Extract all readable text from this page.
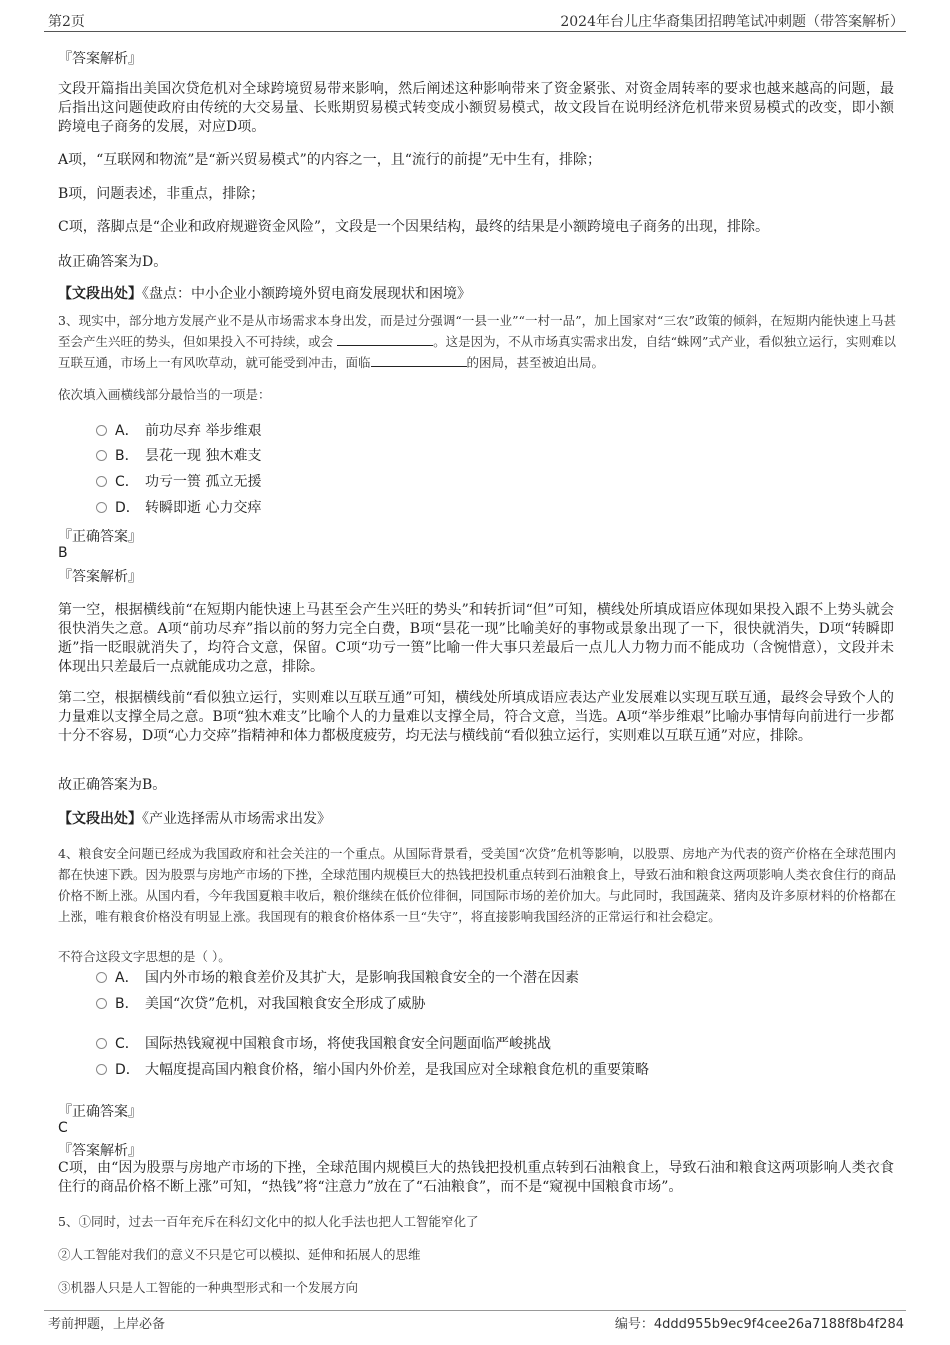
第2页	2024年台儿庄华裔集团招聘笔试冲刺题（带答案解析）
『答案解析』
文段开篇指出美国次贷危机对全球跨境贸易带来影响，然后阐述这种影响带来了资金紧张、对资金周转率的要求也越来越高的问题，最后指出这问题使政府由传统的大交易量、长账期贸易模式转变成小额贸易模式，故文段旨在说明经济危机带来贸易模式的改变，即小额跨境电子商务的发展，对应D项。
A项，“互联网和物流”是“新兴贸易模式”的内容之一，且“流行的前提”无中生有，排除；
B项，问题表述，非重点，排除；
C项，落脚点是“企业和政府规避资金风险”，文段是一个因果结构，最终的结果是小额跨境电子商务的出现，排除。
故正确答案为D。
【文段出处】《盘点：中小企业小额跨境外贸电商发展现状和困境》
3、现实中，部分地方发展产业不是从市场需求本身出发，而是过分强调“一县一业”“一村一品”，加上国家对“三农”政策的倾斜，在短期内能快速上马甚至会产生兴旺的势头，但如果投入不可持续，或会	。这是因为，不从市场真实需求出发，自结“蛛网”式产业，看似独立运行，实则难以互联互通，市场上一有风吹草动，就可能受到冲击，面临	的困局，甚至被迫出局。
依次填入画横线部分最恰当的一项是：
A． 前功尽弃 举步维艰
B． 昙花一现 独木难支
C． 功亏一篑 孤立无援
D． 转瞬即逝 心力交瘁
『正确答案』
B
『答案解析』
第一空，根据横线前“在短期内能快速上马甚至会产生兴旺的势头”和转折词“但”可知，横线处所填成语应体现如果投入跟不上势头就会很快消失之意。A项“前功尽弃”指以前的努力完全白费，B项“昙花一现”比喻美好的事物或景象出现了一下，很快就消失，D项“转瞬即逝”指一眨眼就消失了，均符合文意，保留。C项“功亏一篑”比喻一件大事只差最后一点儿人力物力而不能成功（含惋惜意），文段并未体现出只差最后一点就能成功之意，排除。
第二空，根据横线前“看似独立运行，实则难以互联互通”可知，横线处所填成语应表达产业发展难以实现互联互通，最终会导致个人的力量难以支撑全局之意。B项“独木难支”比喻个人的力量难以支撑全局，符合文意，当选。A项“举步维艰”比喻办事情每向前进行一步都十分不容易，D项“心力交瘁”指精神和体力都极度疲劳，均无法与横线前“看似独立运行，实则难以互联互通”对应，排除。
故正确答案为B。
【文段出处】《产业选择需从市场需求出发》
4、粮食安全问题已经成为我国政府和社会关注的一个重点。从国际背景看，受美国“次贷”危机等影响，以股票、房地产为代表的资产价格在全球范围内都在快速下跌。因为股票与房地产市场的下挫，全球范围内规模巨大的热钱把投机重点转到石油粮食上，导致石油和粮食这两项影响人类衣食住行的商品价格不断上涨。从国内看，今年我国夏粮丰收后，粮价继续在低价位徘徊，同国际市场的差价加大。与此同时，我国蔬菜、猪肉及许多原材料的价格都在上涨，唯有粮食价格没有明显上涨。我国现有的粮食价格体系一旦“失守”，将直接影响我国经济的正常运行和社会稳定。
不符合这段文字思想的是（ ）。
A． 国内外市场的粮食差价及其扩大，是影响我国粮食安全的一个潜在因素
B． 美国“次贷”危机，对我国粮食安全形成了威胁
C． 国际热钱窥视中国粮食市场，将使我国粮食安全问题面临严峻挑战
D． 大幅度提高国内粮食价格，缩小国内外价差，是我国应对全球粮食危机的重要策略
『正确答案』
C
『答案解析』
C项，由“因为股票与房地产市场的下挫，全球范围内规模巨大的热钱把投机重点转到石油粮食上，导致石油和粮食这两项影响人类衣食住行的商品价格不断上涨”可知，“热钱”将“注意力”放在了“石油粮食”，而不是“窥视中国粮食市场”。
5、①同时，过去一百年充斥在科幻文化中的拟人化手法也把人工智能窄化了
②人工智能对我们的意义不只是它可以模拟、延伸和拓展人的思维
③机器人只是人工智能的一种典型形式和一个发展方向
考前押题，上岸必备	编号：4ddd955b9ec9f4cee26a7188f8b4f284
